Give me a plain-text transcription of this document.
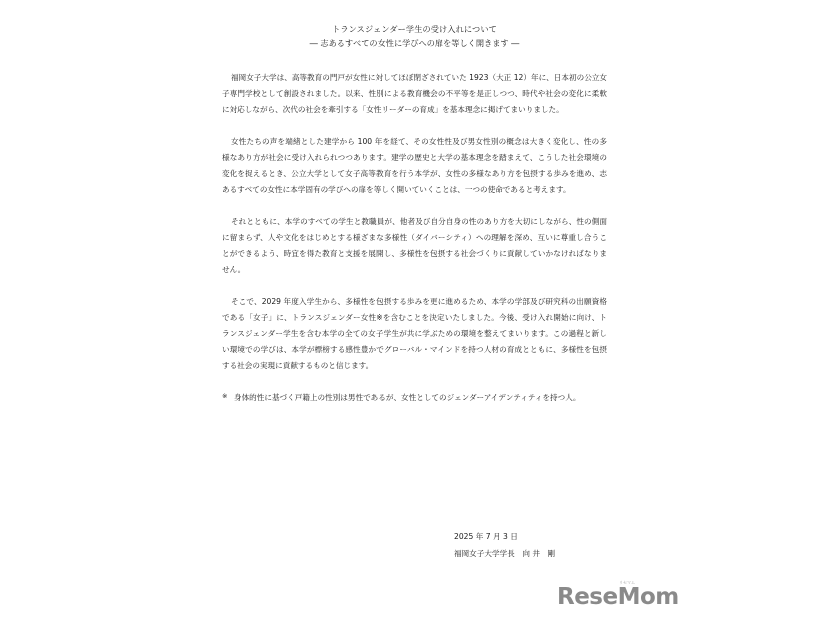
トランスジェンダー学生の受け入れについて

― 志あるすべての女性に学びへの扉を等しく開きます ―

福岡女子大学は、高等教育の門戸が女性に対してほぼ閉ざされていた 1923（大正 12）年に、日本初の公立女子専門学校として創設されました。以来、性別による教育機会の不平等を是正しつつ、時代や社会の変化に柔軟に対応しながら、次代の社会を牽引する「女性リーダーの育成」を基本理念に掲げてまいりました。

女性たちの声を端緒とした建学から 100 年を経て、その女性性及び男女性別の概念は大きく変化し、性の多様なあり方が社会に受け入れられつつあります。建学の歴史と大学の基本理念を踏まえて、こうした社会環境の変化を捉えるとき、公立大学として女子高等教育を行う本学が、女性の多様なあり方を包摂する歩みを進め、志あるすべての女性に本学固有の学びへの扉を等しく開いていくことは、一つの使命であると考えます。

それとともに、本学のすべての学生と教職員が、他者及び自分自身の性のあり方を大切にしながら、性の側面に留まらず、人や文化をはじめとする様ざまな多様性（ダイバーシティ）への理解を深め、互いに尊重し合うことができるよう、時宜を得た教育と支援を展開し、多様性を包摂する社会づくりに貢献していかなければなりません。

そこで、2029 年度入学生から、多様性を包摂する歩みを更に進めるため、本学の学部及び研究科の出願資格である「女子」に、トランスジェンダー女性※を含むことを決定いたしました。今後、受け入れ開始に向け、トランスジェンダー学生を含む本学の全ての女子学生が共に学ぶための環境を整えてまいります。この過程と新しい環境での学びは、本学が標榜する感性豊かでグローバル・マインドを持つ人材の育成とともに、多様性を包摂する社会の実現に貢献するものと信じます。

※ 身体的性に基づく戸籍上の性別は男性であるが、女性としてのジェンダーアイデンティティを持つ人。
2025 年 7 月 3 日
福岡女子大学学長　向 井　剛
リセマム
ReseMom
